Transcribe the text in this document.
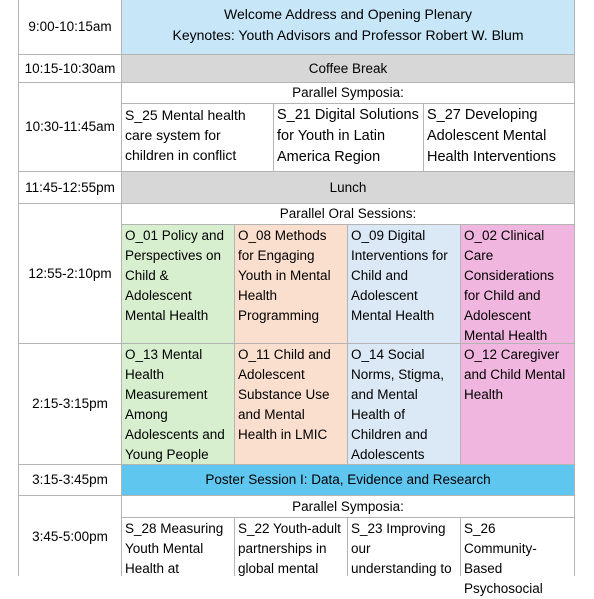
9:00-10:15am
10:15-10:30am
10:30-11:45am
11:45-12:55pm
12:55-2:10pm
2:15-3:15pm
3:15-3:45pm
3:45-5:00pm
Welcome Address and Opening Plenary
Keynotes: Youth Advisors and Professor Robert W. Blum
Coffee Break
Parallel Symposia:
S_25 Mental health care system for children in conflict
S_21 Digital Solutions for Youth in Latin America Region
S_27 Developing Adolescent Mental Health Interventions
Lunch
Parallel Oral Sessions:
O_01 Policy and Perspectives on Child & Adolescent Mental Health
O_08 Methods for Engaging Youth in Mental Health Programming
O_09 Digital Interventions for Child and Adolescent Mental Health
O_02 Clinical Care Considerations for Child and Adolescent Mental Health
O_13 Mental Health Measurement Among Adolescents and Young People
O_11 Child and Adolescent Substance Use and Mental Health in LMIC
O_14 Social Norms, Stigma, and Mental Health of Children and Adolescents
O_12 Caregiver and Child Mental Health
Poster Session I: Data, Evidence and Research
Parallel Symposia:
S_28 Measuring Youth Mental Health at
S_22 Youth-adult partnerships in global mental
S_23 Improving our understanding to
S_26 Community-Based Psychosocial
